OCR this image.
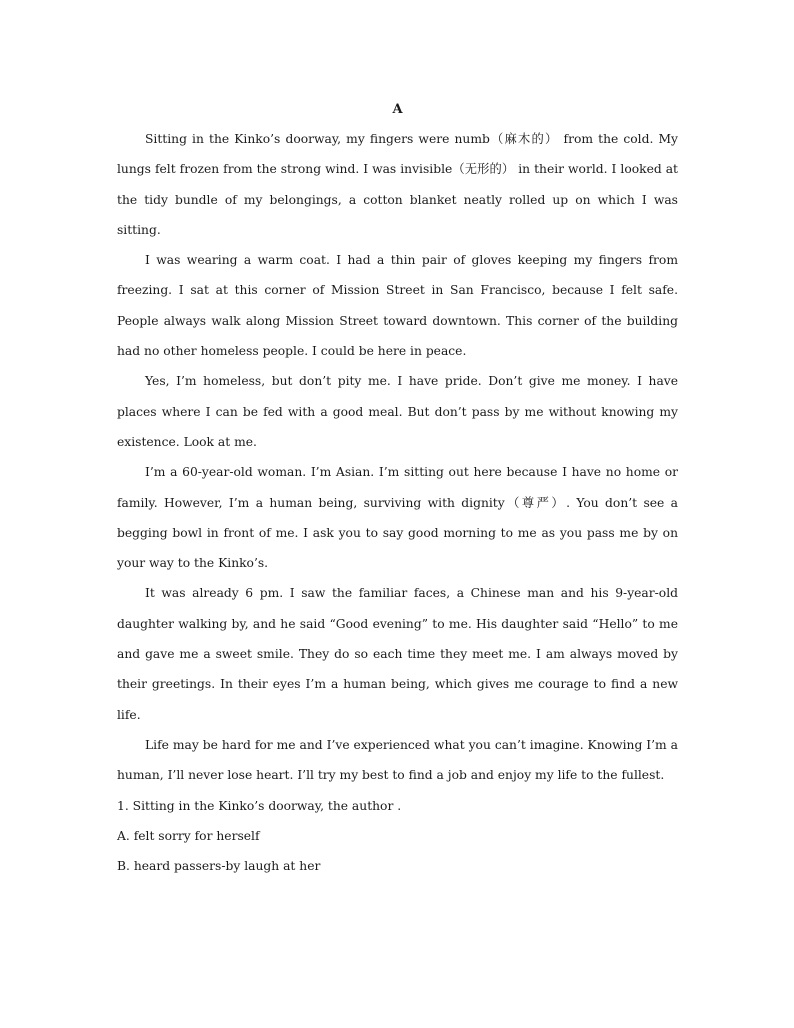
A

Sitting in the Kinko’s doorway, my fingers were numb（麻木的） from the cold. My lungs felt frozen from the strong wind. I was invisible（无形的） in their world. I looked at the tidy bundle of my belongings, a cotton blanket neatly rolled up on which I was sitting.

I was wearing a warm coat. I had a thin pair of gloves keeping my fingers from freezing. I sat at this corner of Mission Street in San Francisco, because I felt safe. People always walk along Mission Street toward downtown. This corner of the building had no other homeless people. I could be here in peace.

Yes, I’m homeless, but don’t pity me. I have pride. Don’t give me money. I have places where I can be fed with a good meal. But don’t pass by me without knowing my existence. Look at me.

I’m a 60-year-old woman. I’m Asian. I’m sitting out here because I have no home or family. However, I’m a human being, surviving with dignity（尊严）. You don’t see a begging bowl in front of me. I ask you to say good morning to me as you pass me by on your way to the Kinko’s.

It was already 6 pm. I saw the familiar faces, a Chinese man and his 9-year-old daughter walking by, and he said “Good evening” to me. His daughter said “Hello” to me and gave me a sweet smile. They do so each time they meet me. I am always moved by their greetings. In their eyes I’m a human being, which gives me courage to find a new life.

Life may be hard for me and I’ve experienced what you can’t imagine. Knowing I’m a human, I’ll never lose heart. I’ll try my best to find a job and enjoy my life to the fullest.

1. Sitting in the Kinko’s doorway, the author .

A. felt sorry for herself

B. heard passers-by laugh at her
